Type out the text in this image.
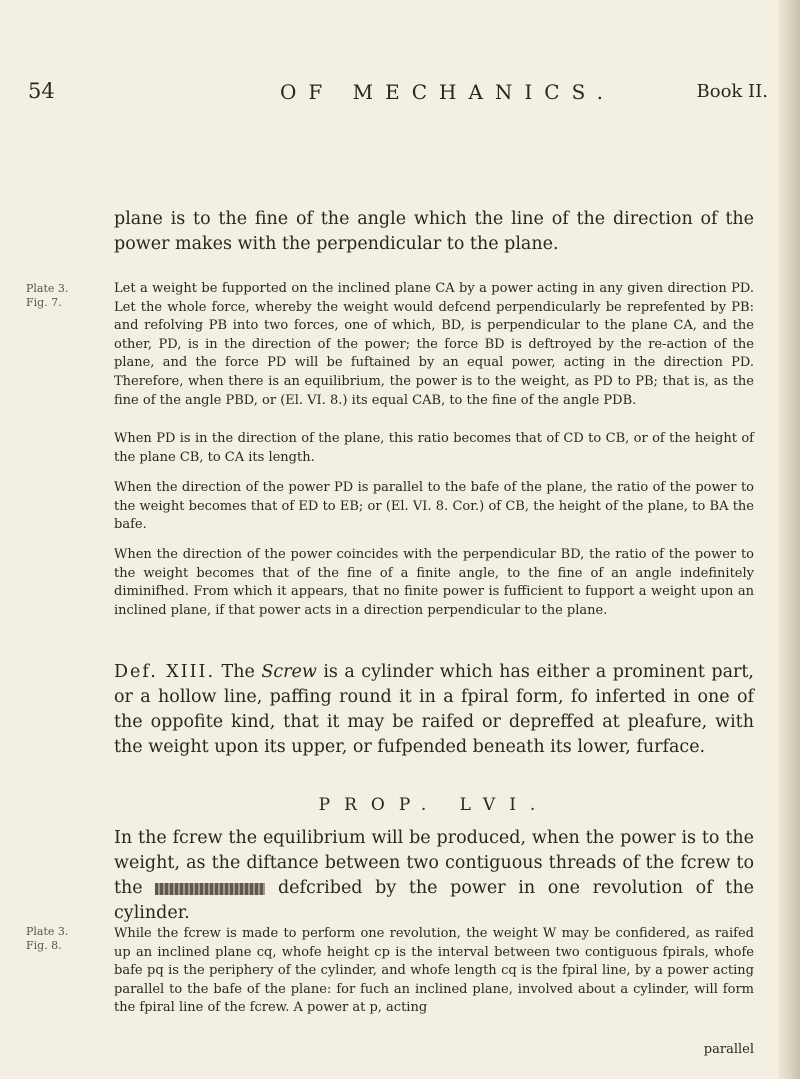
54	OF MECHANICS.	Book II.
Plate 3.
Fig. 7.
Plate 3.
Fig. 8.

plane is to the fine of the angle which the line of the direction of the power makes with the perpendicular to the plane.

Let a weight be fupported on the inclined plane CA by a power acting in any given direction PD. Let the whole force, whereby the weight would defcend perpendicularly be reprefented by PB: and refolving PB into two forces, one of which, BD, is perpendicular to the plane CA, and the other, PD, is in the direction of the power; the force BD is deftroyed by the re-action of the plane, and the force PD will be fuftained by an equal power, acting in the direction PD. Therefore, when there is an equilibrium, the power is to the weight, as PD to PB; that is, as the fine of the angle PBD, or (El. VI. 8.) its equal CAB, to the fine of the angle PDB.

When PD is in the direction of the plane, this ratio becomes that of CD to CB, or of the height of the plane CB, to CA its length.

When the direction of the power PD is parallel to the bafe of the plane, the ratio of the power to the weight becomes that of ED to EB; or (El. VI. 8. Cor.) of CB, the height of the plane, to BA the bafe.

When the direction of the power coincides with the perpendicular BD, the ratio of the power to the weight becomes that of the fine of a finite angle, to the fine of an angle indefinitely diminifhed. From which it appears, that no finite power is fufficient to fupport a weight upon an inclined plane, if that power acts in a direction perpendicular to the plane.

Def. XIII. The Screw is a cylinder which has either a prominent part, or a hollow line, paffing round it in a fpiral form, fo inferted in one of the oppofite kind, that it may be raifed or depreffed at pleafure, with the weight upon its upper, or fufpended beneath its lower, furface.

PROP. LVI.

In the fcrew the equilibrium will be produced, when the power is to the weight, as the diftance between two contiguous threads of the fcrew to the	defcribed by the power in one revolution of the cylinder.

While the fcrew is made to perform one revolution, the weight W may be confidered, as raifed up an inclined plane cq, whofe height cp is the interval between two contiguous fpirals, whofe bafe pq is the periphery of the cylinder, and whofe length cq is the fpiral line, by a power acting parallel to the bafe of the plane: for fuch an inclined plane, involved about a cylinder, will form the fpiral line of the fcrew. A power at p, acting

parallel
